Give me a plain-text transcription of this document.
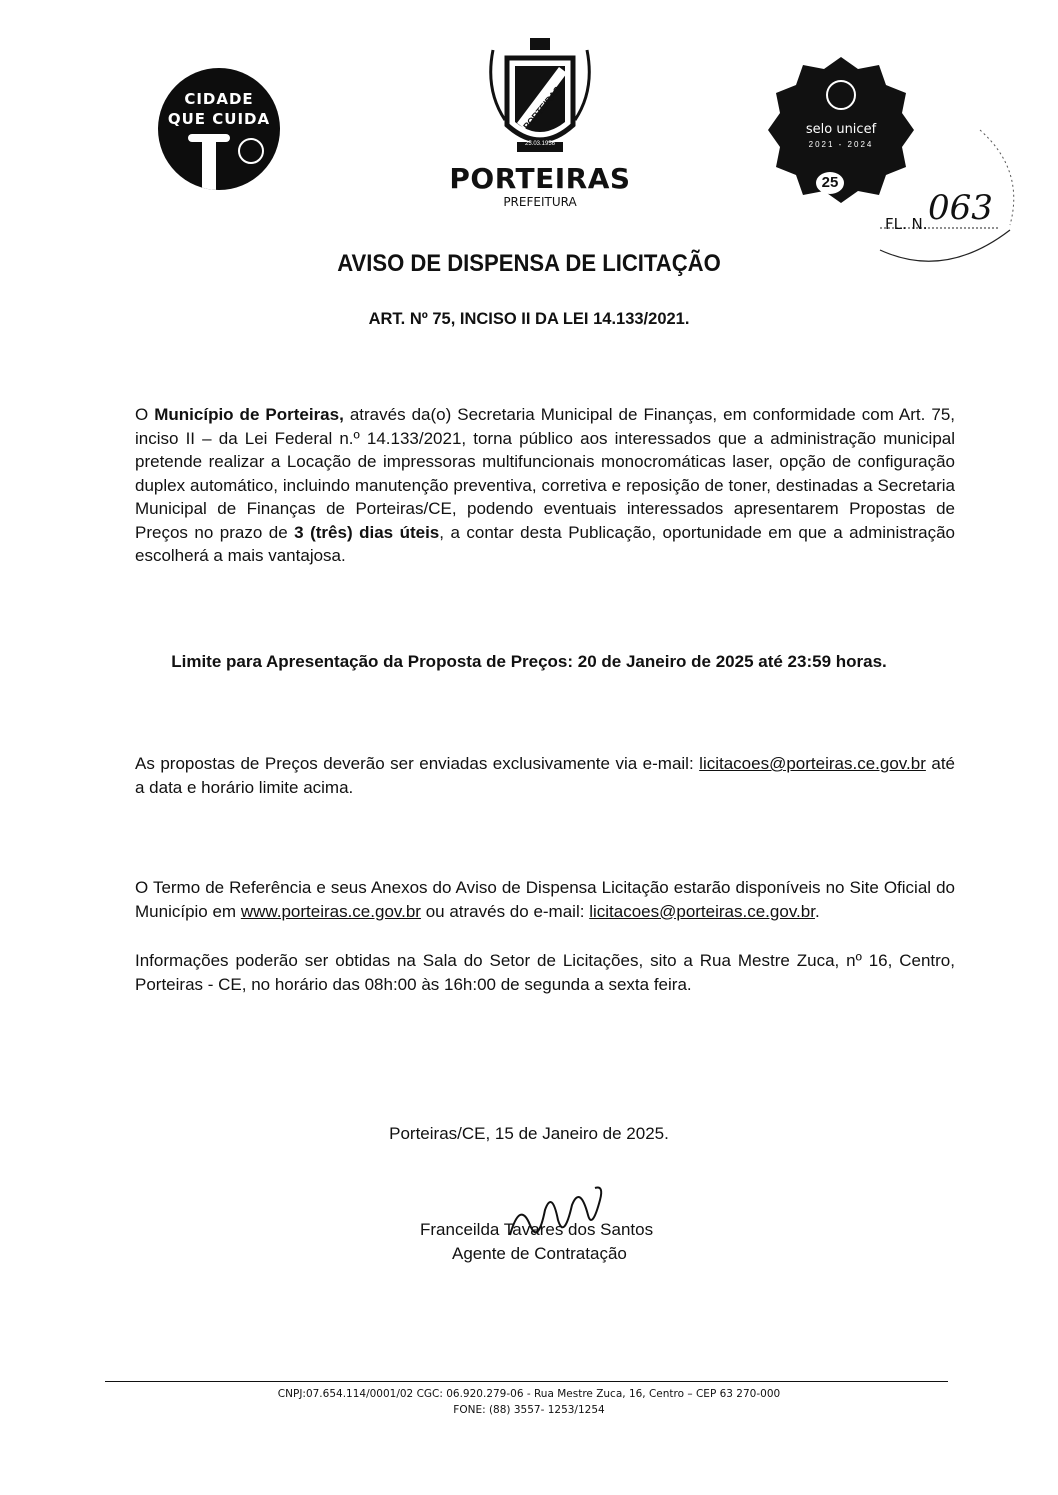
CIDADE
QUE CUIDA	PORTEIRAS
25.03.1956
PORTEIRAS
PREFEITURA
selo unicef
2021 - 2024
25
FL. N. 063
AVISO DE DISPENSA DE LICITAÇÃO
ART. Nº 75, INCISO II DA LEI 14.133/2021.
O Município de Porteiras, através da(o) Secretaria Municipal de Finanças, em conformidade com Art. 75, inciso II – da Lei Federal n.º 14.133/2021, torna público aos interessados que a administração municipal pretende realizar a Locação de impressoras multifuncionais monocromáticas laser, opção de configuração duplex automático, incluindo manutenção preventiva, corretiva e reposição de toner, destinadas a Secretaria Municipal de Finanças de Porteiras/CE, podendo eventuais interessados apresentarem Propostas de Preços no prazo de 3 (três) dias úteis, a contar desta Publicação, oportunidade em que a administração escolherá a mais vantajosa.
Limite para Apresentação da Proposta de Preços: 20 de Janeiro de 2025 até 23:59 horas.
As propostas de Preços deverão ser enviadas exclusivamente via e-mail: licitacoes@porteiras.ce.gov.br até a data e horário limite acima.
O Termo de Referência e seus Anexos do Aviso de Dispensa Licitação estarão disponíveis no Site Oficial do Município em www.porteiras.ce.gov.br ou através do e-mail: licitacoes@porteiras.ce.gov.br.
Informações poderão ser obtidas na Sala do Setor de Licitações, sito a Rua Mestre Zuca, nº 16, Centro, Porteiras - CE, no horário das 08h:00 às 16h:00 de segunda a sexta feira.
Porteiras/CE, 15 de Janeiro de 2025.
Franceilda Tavares dos Santos
Agente de Contratação
CNPJ:07.654.114/0001/02 CGC: 06.920.279-06 - Rua Mestre Zuca, 16, Centro – CEP 63 270-000
FONE: (88) 3557- 1253/1254
